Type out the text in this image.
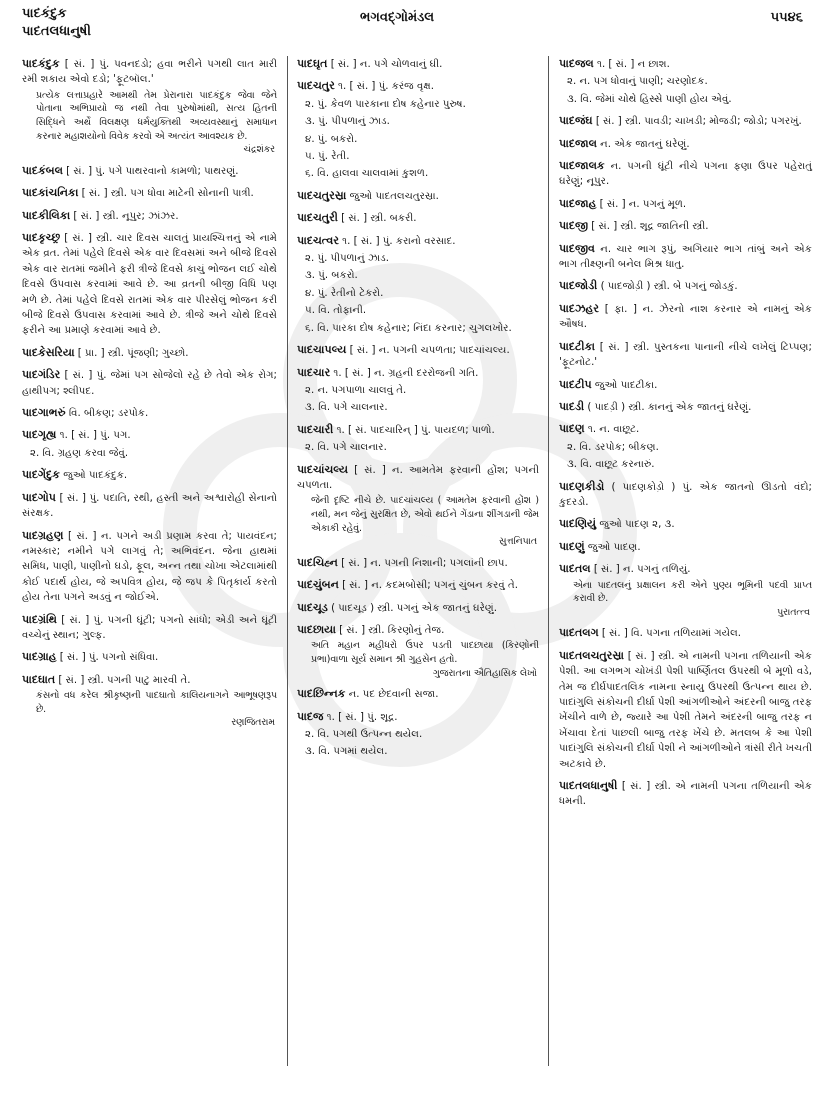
પાદકંદુક
પાદતલધાનુષી
ભગવદ્ગોમંડલ	૫૫૪૬
પાદકંદુક [ સં. ] પું. પવનદડો; હવા ભરીને પગથી લાત મારી રમી શકાય એવો દડો; 'ફૂટબૉલ.'
પ્રત્યેક લત્તાપ્રહારે આમથી તેમ પ્રેરાનારા પાદકંદુક જેવા જેને પોતાના અભિપ્રાયો જ નથી તેવા પુરુષોમાંથી, સત્ય હિતની સિદ્ધિને અર્થે વિલક્ષણ ધર્મયુક્તિથી અવ્યવસ્થાનું સમાધાન કરનાર મહાશયોનો વિવેક કરવો એ અત્યંત આવશ્યક છે.
ચંદ્રશંકર
પાદકંબલ [ સં. ] પું. પગે પાથરવાનો કામળો; પાથરણું.
પાદકાંચનિકા [ સં. ] સ્ત્રી. પગ ધોવા માટેની સોનાની પાત્રી.
પાદકીલિકા [ સં. ] સ્ત્રી. નૂપુર; ઝાંઝર.
પાદકૃચ્છ્ર [ સં. ] સ્ત્રી. ચાર દિવસ ચાલતું પ્રાયશ્ચિત્તનું એ નામે એક વ્રત. તેમાં પહેલે દિવસે એક વાર દિવસમાં અને બીજે દિવસે એક વાર રાતમાં જમીને ફરી ત્રીજે દિવસે કાચું ભોજન લઈ ચોથે દિવસે ઉપવાસ કરવામાં આવે છે. આ વ્રતની બીજી વિધિ પણ મળે છે. તેમાં પહેલે દિવસે રાતમાં એક વાર પીરસેલું ભોજન કરી બીજે દિવસે ઉપવાસ કરવામાં આવે છે. ત્રીજે અને ચોથે દિવસે ફરીને આ પ્રમાણે કરવામાં આવે છે.
પાદકેસરિયા [ પ્રા. ] સ્ત્રી. પૂંજણી; ગુચ્છો.
પાદગંડિર [ સં. ] પું. જેમાં પગ સોજેલો રહે છે તેવો એક રોગ; હાથીપગ; શ્લીપદ.
પાદગાભરું વિ. બીકણ; ડરપોક.
પાદગૃહ્ય ૧. [ સં. ] પું. પગ.
૨. વિ. ગ્રહણ કરવા જેવું.
પાદગેંદુક જુઓ પાદકંદુક.
પાદગોપ [ સં. ] પું. પદાતિ, રથી, હસ્તી અને અશ્વારોહી સેનાનો સંરક્ષક.
પાદગ્રહણ [ સં. ] ન. પગને અડી પ્રણામ કરવા તે; પાયવંદન; નમસ્કાર; નમીને પગે લાગવું તે; અભિવંદન. જેના હાથમાં સમિધ, પાણી, પાણીનો ઘડો, ફૂલ, અન્ન તથા ચોખા એટલામાંથી કોઈ પદાર્થ હોય, જે અપવિત્ર હોય, જે જપ કે પિતૃકાર્ય કરતો હોય તેના પગને અડવું ન જોઈએ.
પાદગ્રંથિ [ સં. ] પું. પગની ઘૂંટી; પગનો સાંધો; એડી અને ઘૂંટી વચ્ચેનું સ્થાન; ગુલ્ફ.
પાદગ્રાહ [ સં. ] પું. પગનો સંધિવા.
પાદઘાત [ સં. ] સ્ત્રી. પગની પાટુ મારવી તે.
કંસનો વધ કરેલ શ્રીકૃષ્ણની પાદઘાતો કાલિયનાગને આભૂષણરૂપ છે.
રણજિતરામ
પાદઘૃત [ સં. ] ન. પગે ચોળવાનું ઘી.
પાદચતુર ૧. [ સં. ] પું. કરંજ વૃક્ષ.
૨. પું. કેવળ પારકાના દોષ કહેનાર પુરુષ.
૩. પું. પીપળાનું ઝાડ.
૪. પું. બકરો.
૫. પું. રેતી.
૬. વિ. હાલવા ચાલવામાં કુશળ.
પાદચતુરસ્રા જુઓ પાદતલચતુરસ્રા.
પાદચતુરી [ સં. ] સ્ત્રી. બકરી.
પાદચત્વર ૧. [ સં. ] પું. કરાનો વરસાદ.
૨. પું. પીપળાનું ઝાડ.
૩. પું. બકરો.
૪. પું. રેતીનો ટેકરો.
૫. વિ. તોફાની.
૬. વિ. પારકા દોષ કહેનાર; નિંદા કરનાર; ચુગલખોર.
પાદચાપલ્ય [ સં. ] ન. પગની ચપળતા; પાદચાંચલ્ય.
પાદચાર ૧. [ સં. ] ન. ગ્રહની દરરોજની ગતિ.
૨. ન. પગપાળા ચાલવું તે.
૩. વિ. પગે ચાલનાર.
પાદચારી ૧. [ સં. પાદચારિન્ ] પું. પાયદળ; પાળો.
૨. વિ. પગે ચાલનાર.
પાદચાંચલ્ય [ સં. ] ન. આમતેમ ફરવાની હોંશ; પગની ચપળતા.
જેની દૃષ્ટિ નીચે છે. પાદચાંચલ્ય ( આમતેમ ફરવાની હોંશ ) નથી, મન જેનું સુરક્ષિત છે, એવો થઈને ગેંડાના શીંગડાની જેમ એકાકી રહેવું.
સુત્તનિપાત
પાદચિહ્ન [ સં. ] ન. પગની નિશાની; પગલાંની છાપ.
પાદચુંબન [ સં. ] ન. કદમબોસી; પગનું ચુંબન કરવું તે.
પાદચૂડ ( પાદચૂડ઼ ) સ્ત્રી. પગનું એક જાતનું ઘરેણું.
પાદછાયા [ સં. ] સ્ત્રી. કિરણોનું તેજ.
અતિ મહાન મહીધરો ઉપર પડતી પાદછાયા (કિરણોની પ્રભા)વાળા સૂર્ય સમાન શ્રી ગુહસેન હતો.
ગુજરાતના ઐતિહાસિક લેખો
પાદછિન્નક ન. પદ છેદવાની સજા.
પાદજ ૧. [ સં. ] પું. શૂદ્ર.
૨. વિ. પગથી ઉત્પન્ન થયેલ.
૩. વિ. પગમાં થયેલ.
પાદજલ ૧. [ સં. ] ન છાશ.
૨. ન. પગ ધોવાનું પાણી; ચરણોદક.
૩. વિ. જેમાં ચોથે હિસ્સે પાણી હોય એવું.
પાદજંઘ [ સં. ] સ્ત્રી. પાવડી; ચાખડી; મોજડી; જોડો; પગરખું.
પાદજાલ ન. એક જાતનું ઘરેણું.
પાદજાલક ન. પગની ઘૂંટી નીચે પગના ફણા ઉપર પહેરાતું ઘરેણું; નૂપુર.
પાદજાહ [ સં. ] ન. પગનું મૂળ.
પાદજી [ સં. ] સ્ત્રી. શૂદ્ર જાતિની સ્ત્રી.
પાદજીવ ન. ચાર ભાગ રૂપું, અગિયાર ભાગ તાંબું અને એક ભાગ તીક્ષ્ણની બનેલ મિશ્ર ધાતુ.
પાદજોડી ( પાદજોડ઼ી ) સ્ત્રી. બે પગનું જોડકું.
પાદઝહર [ ફા. ] ન. ઝેરનો નાશ કરનાર એ નામનું એક ઔષધ.
પાદટીકા [ સં. ] સ્ત્રી. પુસ્તકના પાનાની નીચે લખેલું ટિપ્પણ; 'ફૂટનોટ.'
પાદટીપ જુઓ પાદટીકા.
પાદડી ( પાદડ઼ી ) સ્ત્રી. કાનનું એક જાતનું ઘરેણું.
પાદણ ૧. ન. વાછૂટ.
૨. વિ. ડરપોક; બીકણ.
૩. વિ. વાછૂટ કરનારું.
પાદણકીડો ( પાદણકોડ઼ો ) પું. એક જાતનો ઊડતો વંદો; કુદરડો.
પાદણિયું જુઓ પાદણ ૨, ૩.
પાદણું જુઓ પાદણ.
પાદતલ [ સં. ] ન. પગનું તળિયું.
એના પાદતલનું પ્રક્ષાલન કરી એને પુણ્ય ભૂમિની પદવી પ્રાપ્ત કરાવી છે.
પુરાતત્ત્વ
પાદતલગ [ સં. ] વિ. પગના તળિયામાં ગયેલ.
પાદતલચતુરસ્રા [ સં. ] સ્ત્રી. એ નામની પગના તળિયાની એક પેશી. આ લગભગ ચોખંડી પેશી પાર્ષ્ણિતલ ઉપરથી બે મૂળો વડે, તેમ જ દીર્ઘપાદતલિક નામના સ્નાયુ ઉપરથી ઉત્પન્ન થાય છે. પાદાંગુલિ સંકોચની દીર્ઘા પેશી આંગળીઓને અંદરની બાજુ તરફ ખેંચીને વાળે છે, જ્યારે આ પેશી તેમને અંદરની બાજુ તરફ ન ખેંચાવા દેતાં પાછલી બાજુ તરફ ખેંચે છે. મતલબ કે આ પેશી પાદાંગુલિ સંકોચની દીર્ઘા પેશી ને આંગળીઓને ત્રાંસી રીતે ખચતી અટકાવે છે.
પાદતલધાનુષી [ સં. ] સ્ત્રી. એ નામની પગના તળિયાની એક ધમની.
